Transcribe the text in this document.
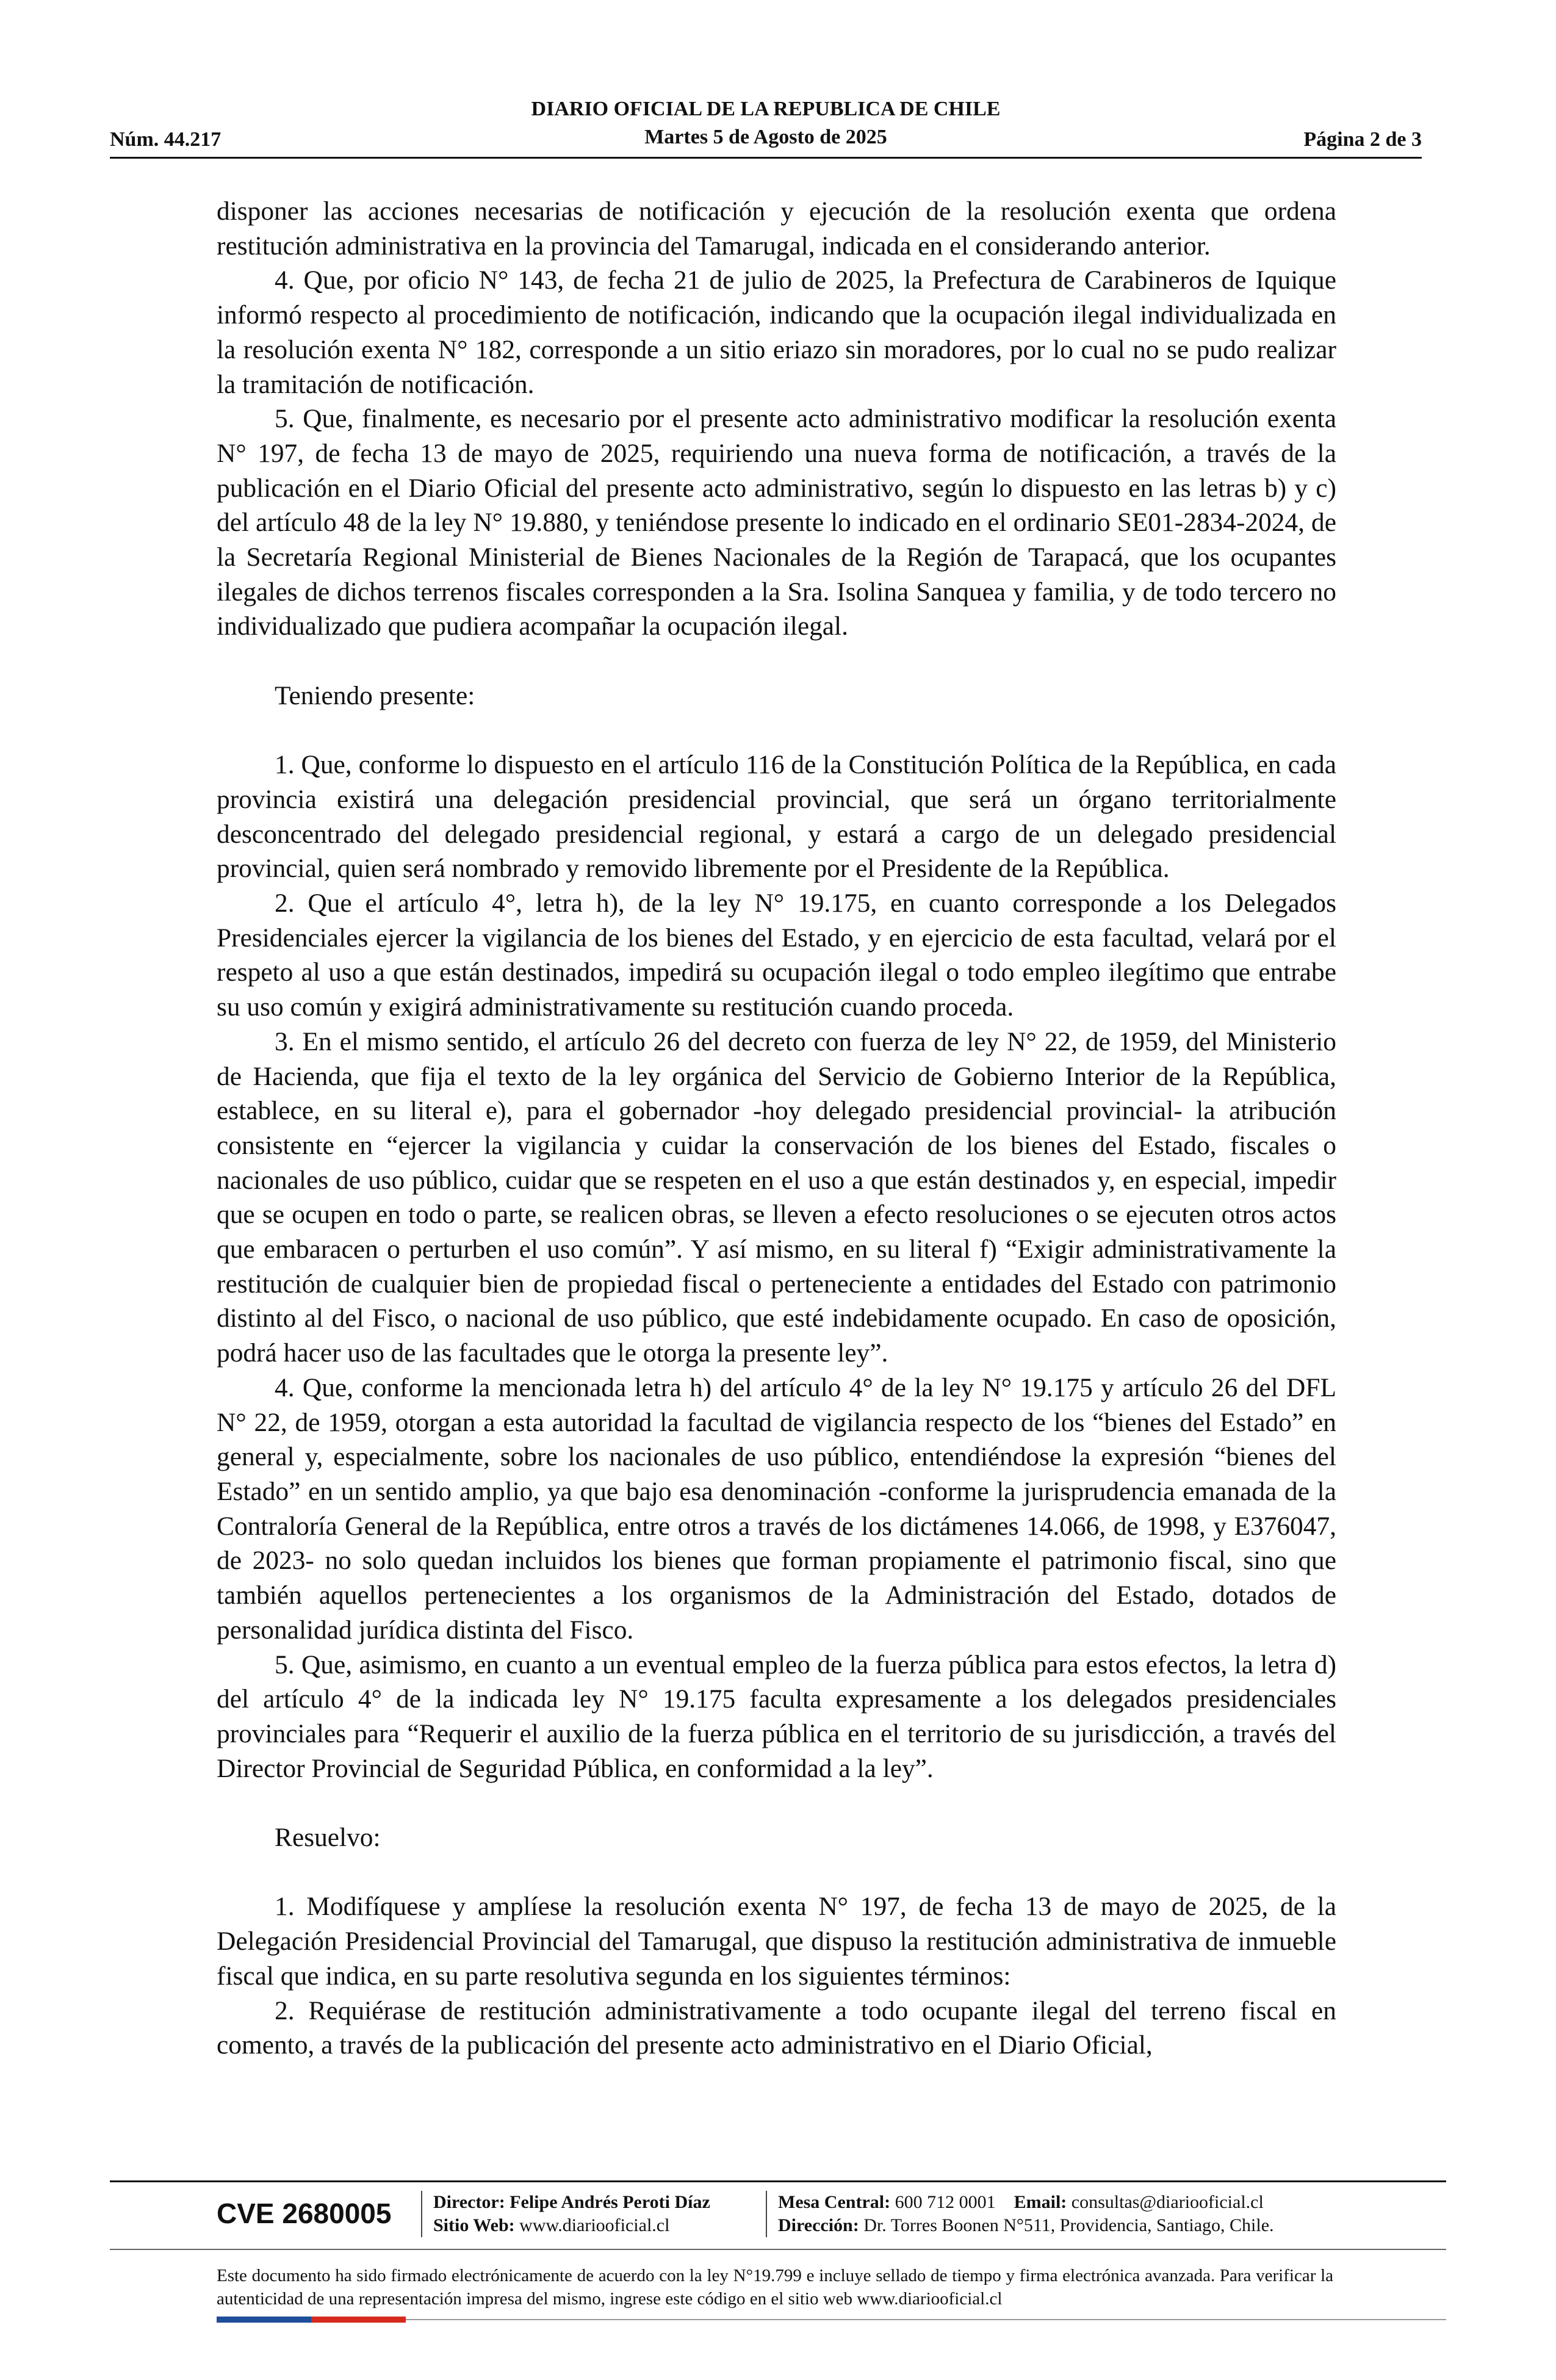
Núm. 44.217
DIARIO OFICIAL DE LA REPUBLICA DE CHILE
Martes 5 de Agosto de 2025	Página 2 de 3

disponer las acciones necesarias de notificación y ejecución de la resolución exenta que ordena restitución administrativa en la provincia del Tamarugal, indicada en el considerando anterior.

4. Que, por oficio N° 143, de fecha 21 de julio de 2025, la Prefectura de Carabineros de Iquique informó respecto al procedimiento de notificación, indicando que la ocupación ilegal individualizada en la resolución exenta N° 182, corresponde a un sitio eriazo sin moradores, por lo cual no se pudo realizar la tramitación de notificación.

5. Que, finalmente, es necesario por el presente acto administrativo modificar la resolución exenta N° 197, de fecha 13 de mayo de 2025, requiriendo una nueva forma de notificación, a través de la publicación en el Diario Oficial del presente acto administrativo, según lo dispuesto en las letras b) y c) del artículo 48 de la ley N° 19.880, y teniéndose presente lo indicado en el ordinario SE01-2834-2024, de la Secretaría Regional Ministerial de Bienes Nacionales de la Región de Tarapacá, que los ocupantes ilegales de dichos terrenos fiscales corresponden a la Sra. Isolina Sanquea y familia, y de todo tercero no individualizado que pudiera acompañar la ocupación ilegal.

Teniendo presente:

1. Que, conforme lo dispuesto en el artículo 116 de la Constitución Política de la República, en cada provincia existirá una delegación presidencial provincial, que será un órgano territorialmente desconcentrado del delegado presidencial regional, y estará a cargo de un delegado presidencial provincial, quien será nombrado y removido libremente por el Presidente de la República.

2. Que el artículo 4°, letra h), de la ley N° 19.175, en cuanto corresponde a los Delegados Presidenciales ejercer la vigilancia de los bienes del Estado, y en ejercicio de esta facultad, velará por el respeto al uso a que están destinados, impedirá su ocupación ilegal o todo empleo ilegítimo que entrabe su uso común y exigirá administrativamente su restitución cuando proceda.

3. En el mismo sentido, el artículo 26 del decreto con fuerza de ley N° 22, de 1959, del Ministerio de Hacienda, que fija el texto de la ley orgánica del Servicio de Gobierno Interior de la República, establece, en su literal e), para el gobernador -hoy delegado presidencial provincial- la atribución consistente en “ejercer la vigilancia y cuidar la conservación de los bienes del Estado, fiscales o nacionales de uso público, cuidar que se respeten en el uso a que están destinados y, en especial, impedir que se ocupen en todo o parte, se realicen obras, se lleven a efecto resoluciones o se ejecuten otros actos que embaracen o perturben el uso común”. Y así mismo, en su literal f) “Exigir administrativamente la restitución de cualquier bien de propiedad fiscal o perteneciente a entidades del Estado con patrimonio distinto al del Fisco, o nacional de uso público, que esté indebidamente ocupado. En caso de oposición, podrá hacer uso de las facultades que le otorga la presente ley”.

4. Que, conforme la mencionada letra h) del artículo 4° de la ley N° 19.175 y artículo 26 del DFL N° 22, de 1959, otorgan a esta autoridad la facultad de vigilancia respecto de los “bienes del Estado” en general y, especialmente, sobre los nacionales de uso público, entendiéndose la expresión “bienes del Estado” en un sentido amplio, ya que bajo esa denominación -conforme la jurisprudencia emanada de la Contraloría General de la República, entre otros a través de los dictámenes 14.066, de 1998, y E376047, de 2023- no solo quedan incluidos los bienes que forman propiamente el patrimonio fiscal, sino que también aquellos pertenecientes a los organismos de la Administración del Estado, dotados de personalidad jurídica distinta del Fisco.

5. Que, asimismo, en cuanto a un eventual empleo de la fuerza pública para estos efectos, la letra d) del artículo 4° de la indicada ley N° 19.175 faculta expresamente a los delegados presidenciales provinciales para “Requerir el auxilio de la fuerza pública en el territorio de su jurisdicción, a través del Director Provincial de Seguridad Pública, en conformidad a la ley”.

Resuelvo:

1. Modifíquese y amplíese la resolución exenta N° 197, de fecha 13 de mayo de 2025, de la Delegación Presidencial Provincial del Tamarugal, que dispuso la restitución administrativa de inmueble fiscal que indica, en su parte resolutiva segunda en los siguientes términos:

2. Requiérase de restitución administrativamente a todo ocupante ilegal del terreno fiscal en comento, a través de la publicación del presente acto administrativo en el Diario Oficial,

CVE 2680005	Director: Felipe Andrés Peroti Díaz
Sitio Web: www.diariooficial.cl
Mesa Central: 600 712 0001 Email: consultas@diariooficial.cl
Dirección: Dr. Torres Boonen N°511, Providencia, Santiago, Chile.
Este documento ha sido firmado electrónicamente de acuerdo con la ley N°19.799 e incluye sellado de tiempo y firma electrónica avanzada. Para verificar la autenticidad de una representación impresa del mismo, ingrese este código en el sitio web www.diariooficial.cl
